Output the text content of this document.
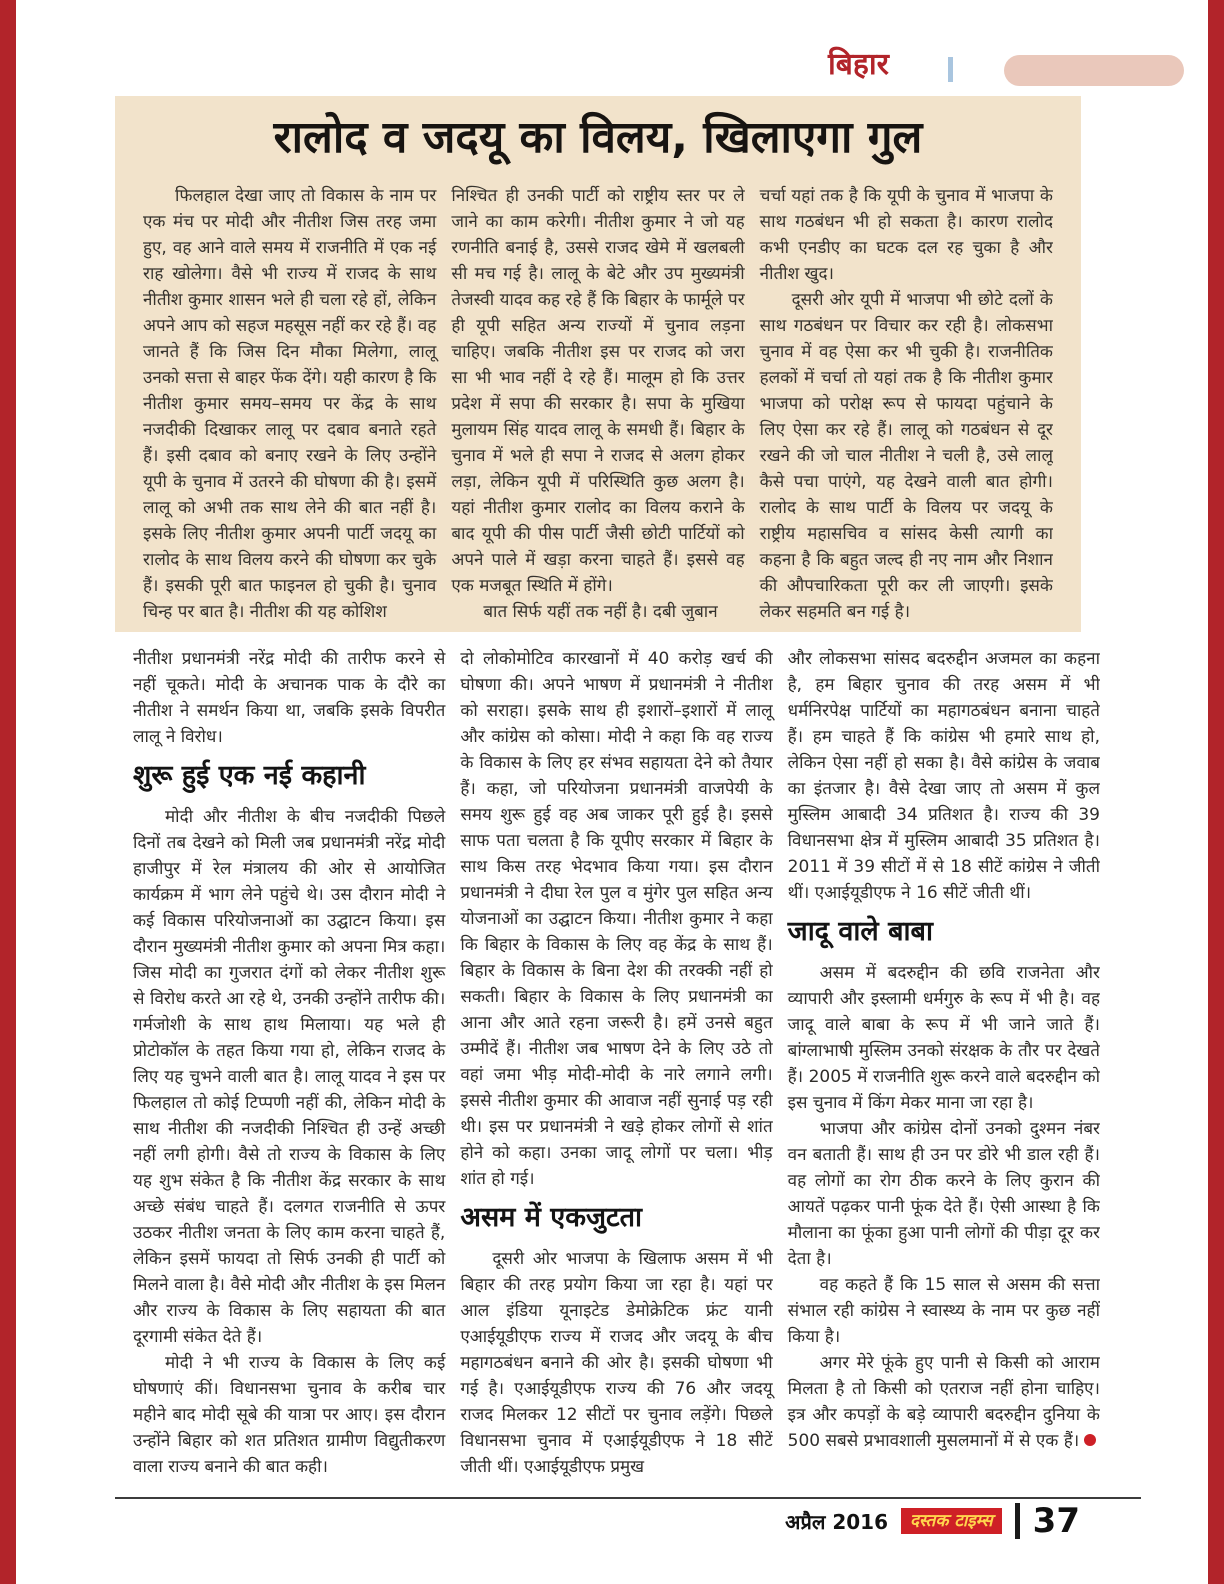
बिहार
रालोद व जदयू का विलय, खिलाएगा गुल
फिलहाल देखा जाए तो विकास के नाम पर एक मंच पर मोदी और नीतीश जिस तरह जमा हुए, वह आने वाले समय में राजनीति में एक नई राह खोलेगा। वैसे भी राज्य में राजद के साथ नीतीश कुमार शासन भले ही चला रहे हों, लेकिन अपने आप को सहज महसूस नहीं कर रहे हैं। वह जानते हैं कि जिस दिन मौका मिलेगा, लालू उनको सत्ता से बाहर फेंक देंगे। यही कारण है कि नीतीश कुमार समय–समय पर केंद्र के साथ नजदीकी दिखाकर लालू पर दबाव बनाते रहते हैं। इसी दबाव को बनाए रखने के लिए उन्होंने यूपी के चुनाव में उतरने की घोषणा की है। इसमें लालू को अभी तक साथ लेने की बात नहीं है। इसके लिए नीतीश कुमार अपनी पार्टी जदयू का रालोद के साथ विलय करने की घोषणा कर चुके हैं। इसकी पूरी बात फाइनल हो चुकी है। चुनाव चिन्ह पर बात है। नीतीश की यह कोशिश
निश्चित ही उनकी पार्टी को राष्ट्रीय स्तर पर ले जाने का काम करेगी। नीतीश कुमार ने जो यह रणनीति बनाई है, उससे राजद खेमे में खलबली सी मच गई है। लालू के बेटे और उप मुख्यमंत्री तेजस्वी यादव कह रहे हैं कि बिहार के फार्मूले पर ही यूपी सहित अन्य राज्यों में चुनाव लड़ना चाहिए। जबकि नीतीश इस पर राजद को जरा सा भी भाव नहीं दे रहे हैं। मालूम हो कि उत्तर प्रदेश में सपा की सरकार है। सपा के मुखिया मुलायम सिंह यादव लालू के समधी हैं। बिहार के चुनाव में भले ही सपा ने राजद से अलग होकर लड़ा, लेकिन यूपी में परिस्थिति कुछ अलग है। यहां नीतीश कुमार रालोद का विलय कराने के बाद यूपी की पीस पार्टी जैसी छोटी पार्टियों को अपने पाले में खड़ा करना चाहते हैं। इससे वह एक मजबूत स्थिति में होंगे।
बात सिर्फ यहीं तक नहीं है। दबी जुबान
चर्चा यहां तक है कि यूपी के चुनाव में भाजपा के साथ गठबंधन भी हो सकता है। कारण रालोद कभी एनडीए का घटक दल रह चुका है और नीतीश खुद।
दूसरी ओर यूपी में भाजपा भी छोटे दलों के साथ गठबंधन पर विचार कर रही है। लोकसभा चुनाव में वह ऐसा कर भी चुकी है। राजनीतिक हलकों में चर्चा तो यहां तक है कि नीतीश कुमार भाजपा को परोक्ष रूप से फायदा पहुंचाने के लिए ऐसा कर रहे हैं। लालू को गठबंधन से दूर रखने की जो चाल नीतीश ने चली है, उसे लालू कैसे पचा पाएंगे, यह देखने वाली बात होगी। रालोद के साथ पार्टी के विलय पर जदयू के राष्ट्रीय महासचिव व सांसद केसी त्यागी का कहना है कि बहुत जल्द ही नए नाम और निशान की औपचारिकता पूरी कर ली जाएगी। इसके लेकर सहमति बन गई है।
नीतीश प्रधानमंत्री नरेंद्र मोदी की तारीफ करने से नहीं चूकते। मोदी के अचानक पाक के दौरे का नीतीश ने समर्थन किया था, जबकि इसके विपरीत लालू ने विरोध।
शुरू हुई एक नई कहानी
मोदी और नीतीश के बीच नजदीकी पिछले दिनों तब देखने को मिली जब प्रधानमंत्री नरेंद्र मोदी हाजीपुर में रेल मंत्रालय की ओर से आयोजित कार्यक्रम में भाग लेने पहुंचे थे। उस दौरान मोदी ने कई विकास परियोजनाओं का उद्घाटन किया। इस दौरान मुख्यमंत्री नीतीश कुमार को अपना मित्र कहा। जिस मोदी का गुजरात दंगों को लेकर नीतीश शुरू से विरोध करते आ रहे थे, उनकी उन्होंने तारीफ की। गर्मजोशी के साथ हाथ मिलाया। यह भले ही प्रोटोकॉल के तहत किया गया हो, लेकिन राजद के लिए यह चुभने वाली बात है। लालू यादव ने इस पर फिलहाल तो कोई टिप्पणी नहीं की, लेकिन मोदी के साथ नीतीश की नजदीकी निश्चित ही उन्हें अच्छी नहीं लगी होगी। वैसे तो राज्य के विकास के लिए यह शुभ संकेत है कि नीतीश केंद्र सरकार के साथ अच्छे संबंध चाहते हैं। दलगत राजनीति से ऊपर उठकर नीतीश जनता के लिए काम करना चाहते हैं, लेकिन इसमें फायदा तो सिर्फ उनकी ही पार्टी को मिलने वाला है। वैसे मोदी और नीतीश के इस मिलन और राज्य के विकास के लिए सहायता की बात दूरगामी संकेत देते हैं।
मोदी ने भी राज्य के विकास के लिए कई घोषणाएं कीं। विधानसभा चुनाव के करीब चार महीने बाद मोदी सूबे की यात्रा पर आए। इस दौरान उन्होंने बिहार को शत प्रतिशत ग्रामीण विद्युतीकरण वाला राज्य बनाने की बात कही।
दो लोकोमोटिव कारखानों में 40 करोड़ खर्च की घोषणा की। अपने भाषण में प्रधानमंत्री ने नीतीश को सराहा। इसके साथ ही इशारों–इशारों में लालू और कांग्रेस को कोसा। मोदी ने कहा कि वह राज्य के विकास के लिए हर संभव सहायता देने को तैयार हैं। कहा, जो परियोजना प्रधानमंत्री वाजपेयी के समय शुरू हुई वह अब जाकर पूरी हुई है। इससे साफ पता चलता है कि यूपीए सरकार में बिहार के साथ किस तरह भेदभाव किया गया। इस दौरान प्रधानमंत्री ने दीघा रेल पुल व मुंगेर पुल सहित अन्य योजनाओं का उद्घाटन किया। नीतीश कुमार ने कहा कि बिहार के विकास के लिए वह केंद्र के साथ हैं। बिहार के विकास के बिना देश की तरक्की नहीं हो सकती। बिहार के विकास के लिए प्रधानमंत्री का आना और आते रहना जरूरी है। हमें उनसे बहुत उम्मीदें हैं। नीतीश जब भाषण देने के लिए उठे तो वहां जमा भीड़ मोदी-मोदी के नारे लगाने लगी। इससे नीतीश कुमार की आवाज नहीं सुनाई पड़ रही थी। इस पर प्रधानमंत्री ने खड़े होकर लोगों से शांत होने को कहा। उनका जादू लोगों पर चला। भीड़ शांत हो गई।
असम में एकजुटता
दूसरी ओर भाजपा के खिलाफ असम में भी बिहार की तरह प्रयोग किया जा रहा है। यहां पर आल इंडिया यूनाइटेड डेमोक्रेटिक फ्रंट यानी एआईयूडीएफ राज्य में राजद और जदयू के बीच महागठबंधन बनाने की ओर है। इसकी घोषणा भी गई है। एआईयूडीएफ राज्य की 76 और जदयू राजद मिलकर 12 सीटों पर चुनाव लड़ेंगे। पिछले विधानसभा चुनाव में एआईयूडीएफ ने 18 सीटें जीती थीं। एआईयूडीएफ प्रमुख
और लोकसभा सांसद बदरुद्दीन अजमल का कहना है, हम बिहार चुनाव की तरह असम में भी धर्मनिरपेक्ष पार्टियों का महागठबंधन बनाना चाहते हैं। हम चाहते हैं कि कांग्रेस भी हमारे साथ हो, लेकिन ऐसा नहीं हो सका है। वैसे कांग्रेस के जवाब का इंतजार है। वैसे देखा जाए तो असम में कुल मुस्लिम आबादी 34 प्रतिशत है। राज्य की 39 विधानसभा क्षेत्र में मुस्लिम आबादी 35 प्रतिशत है। 2011 में 39 सीटों में से 18 सीटें कांग्रेस ने जीती थीं। एआईयूडीएफ ने 16 सीटें जीती थीं।
जादू वाले बाबा
असम में बदरुद्दीन की छवि राजनेता और व्यापारी और इस्लामी धर्मगुरु के रूप में भी है। वह जादू वाले बाबा के रूप में भी जाने जाते हैं। बांग्लाभाषी मुस्लिम उनको संरक्षक के तौर पर देखते हैं। 2005 में राजनीति शुरू करने वाले बदरुद्दीन को इस चुनाव में किंग मेकर माना जा रहा है।
भाजपा और कांग्रेस दोनों उनको दुश्मन नंबर वन बताती हैं। साथ ही उन पर डोरे भी डाल रही हैं। वह लोगों का रोग ठीक करने के लिए कुरान की आयतें पढ़कर पानी फूंक देते हैं। ऐसी आस्था है कि मौलाना का फूंका हुआ पानी लोगों की पीड़ा दूर कर देता है।
वह कहते हैं कि 15 साल से असम की सत्ता संभाल रही कांग्रेस ने स्वास्थ्य के नाम पर कुछ नहीं किया है।
अगर मेरे फूंके हुए पानी से किसी को आराम मिलता है तो किसी को एतराज नहीं होना चाहिए। इत्र और कपड़ों के बड़े व्यापारी बदरुद्दीन दुनिया के 500 सबसे प्रभावशाली मुसलमानों में से एक हैं।
अप्रैल 2016	दस्तक टाइम्स 37
